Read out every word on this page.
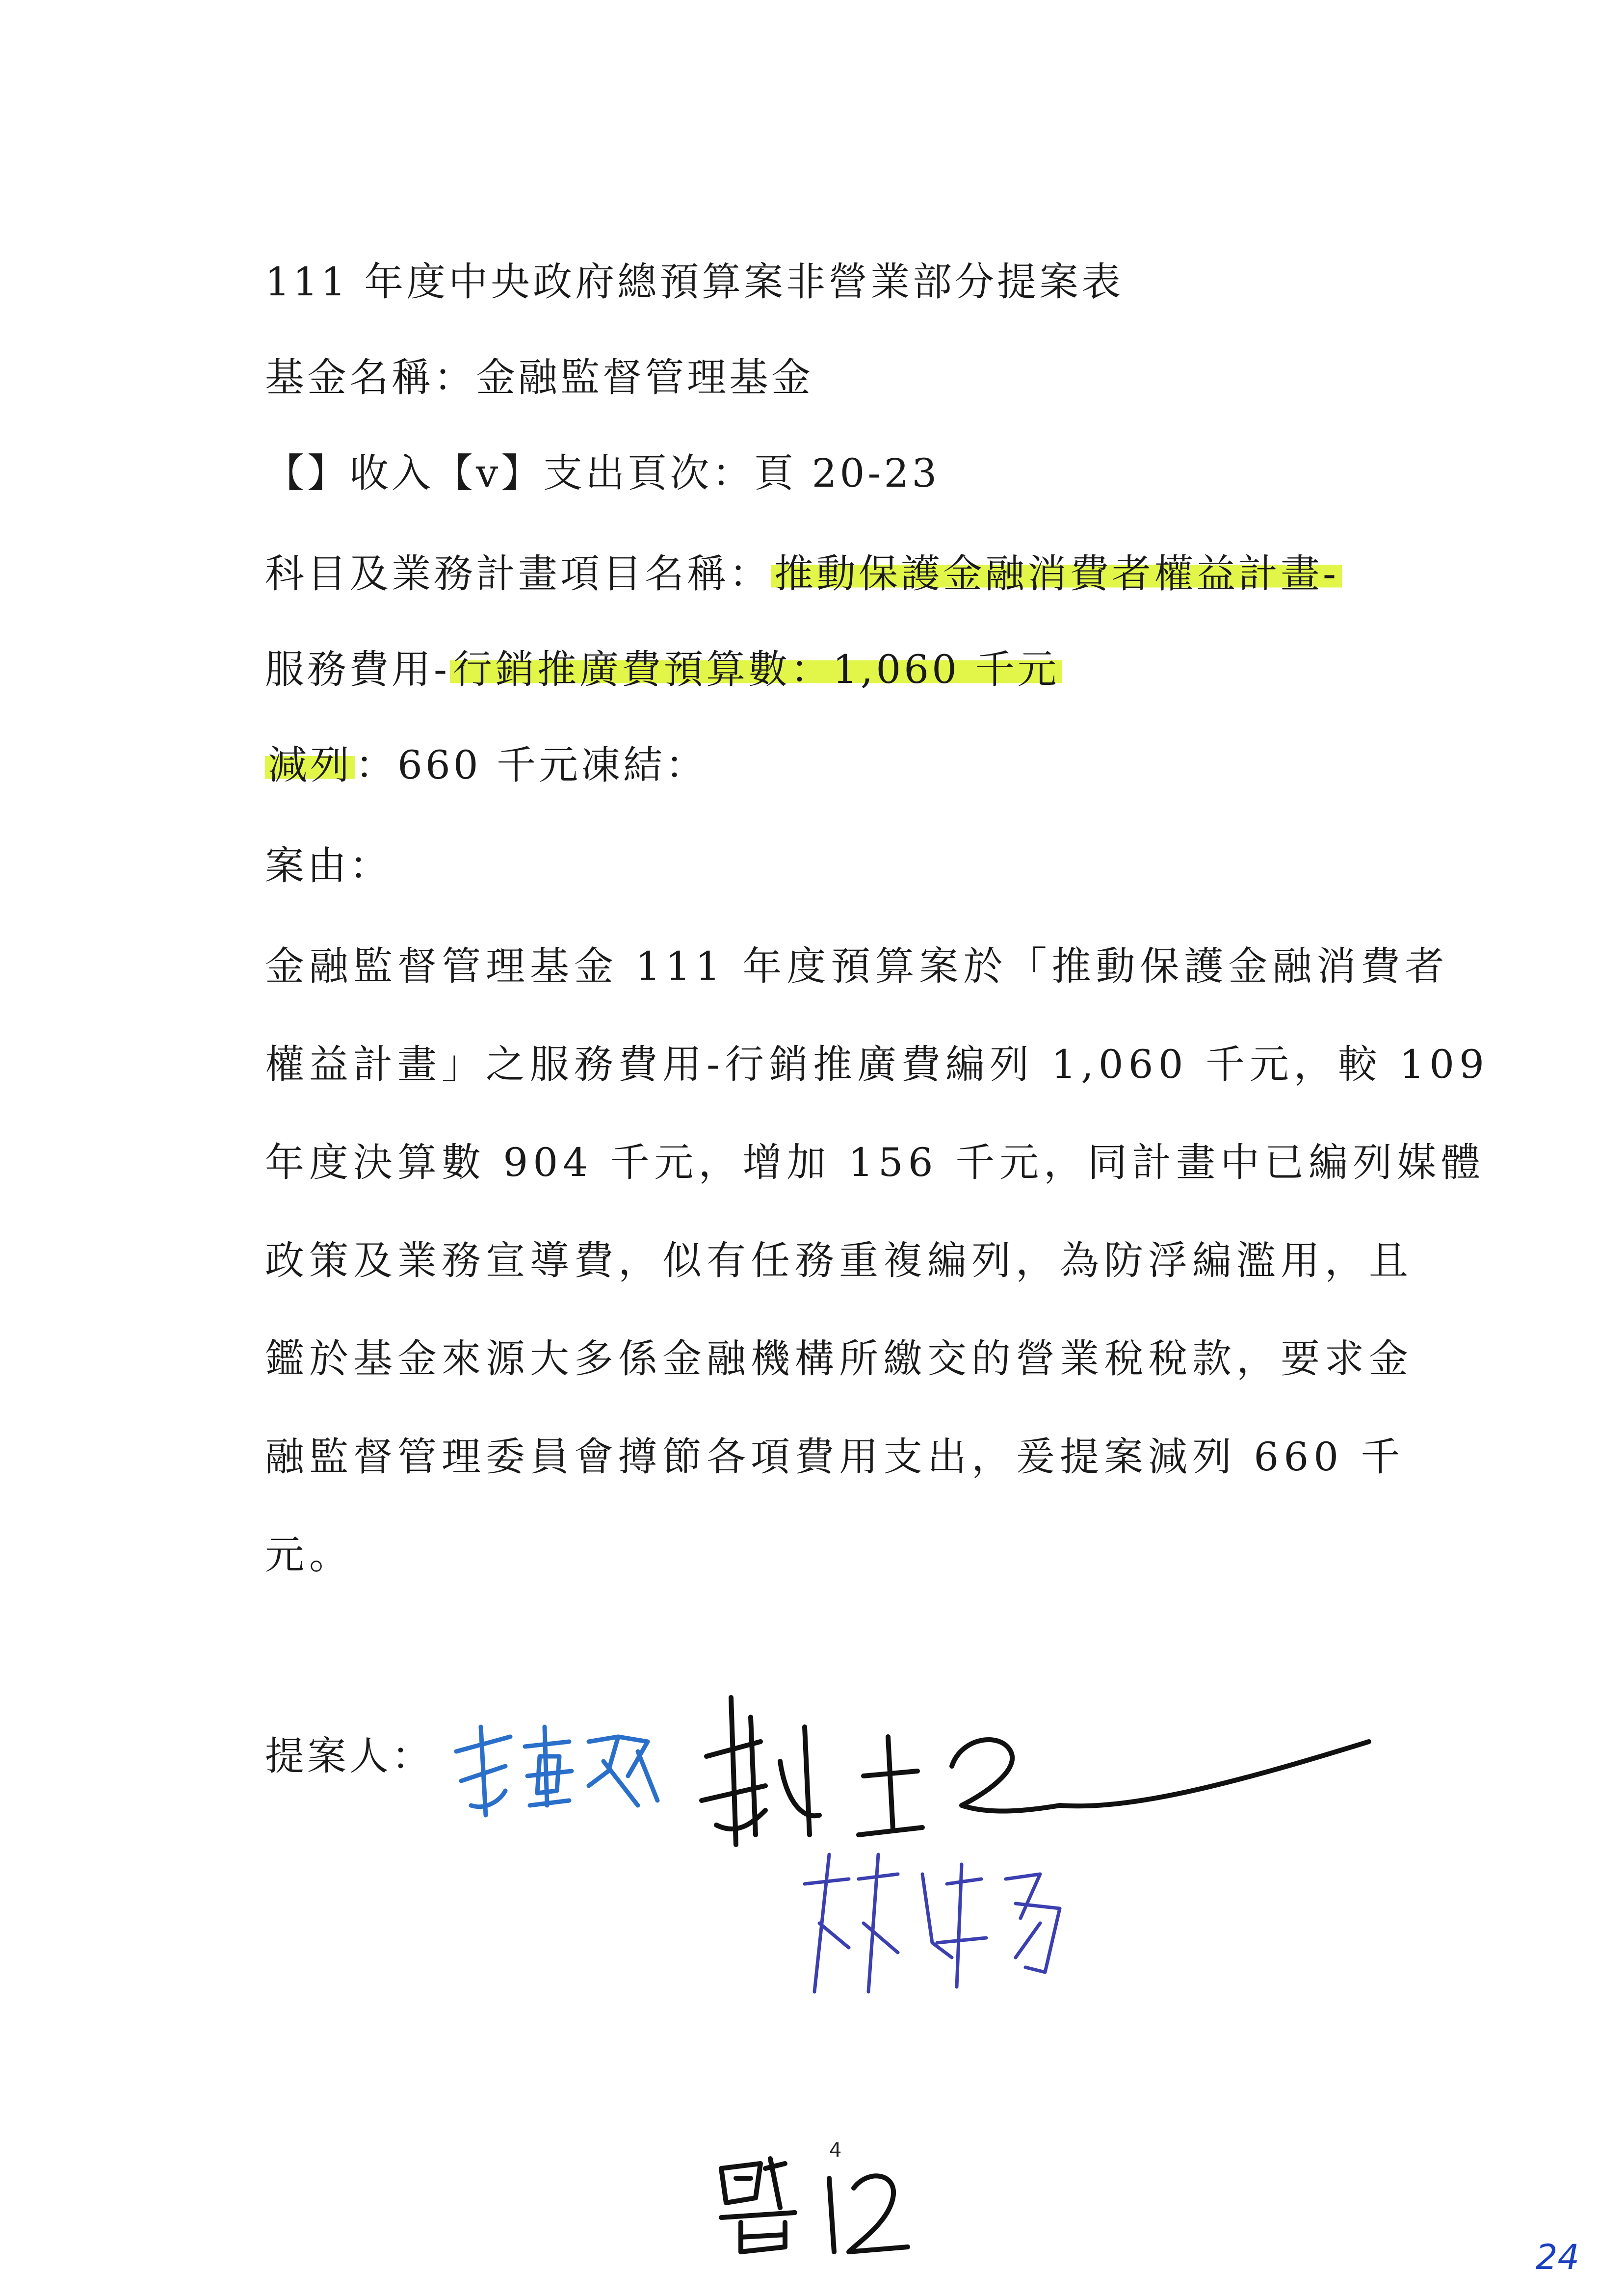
111 年度中央政府總預算案非營業部分提案表
基金名稱：金融監督管理基金
【】收入【v】支出頁次：頁 20-23
科目及業務計畫項目名稱：推動保護金融消費者權益計畫-
服務費用-行銷推廣費預算數：1,060 千元
減列：660 千元凍結：
案由：
金融監督管理基金 111 年度預算案於「推動保護金融消費者
權益計畫」之服務費用-行銷推廣費編列 1,060 千元，較 109
年度決算數 904 千元，增加 156 千元，同計畫中已編列媒體
政策及業務宣導費，似有任務重複編列，為防浮編濫用，且
鑑於基金來源大多係金融機構所繳交的營業稅稅款，要求金
融監督管理委員會撙節各項費用支出，爰提案減列 660 千
元。
提案人：
4
24
